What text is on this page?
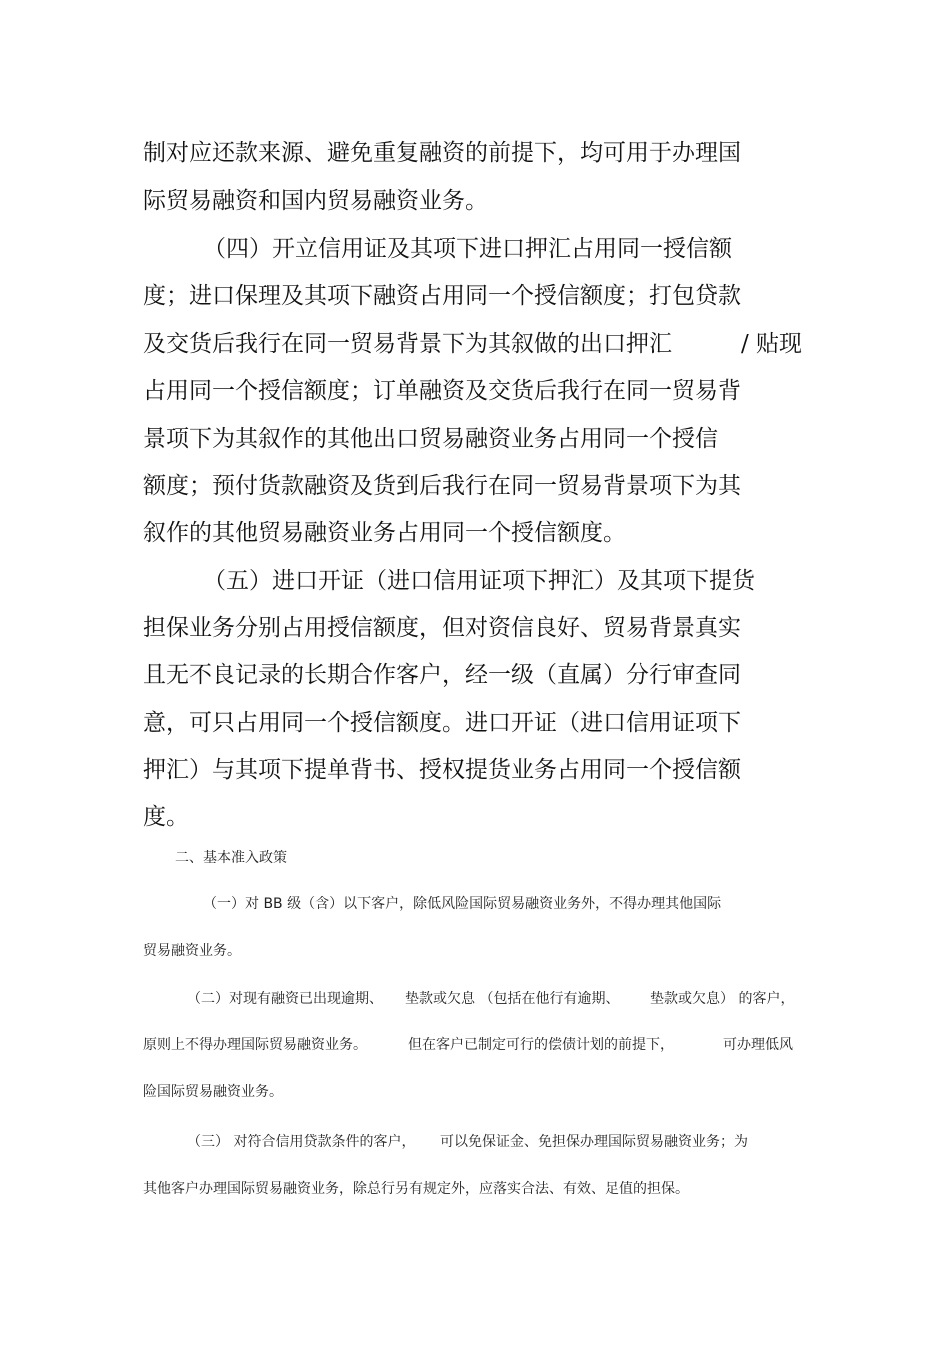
制对应还款来源、避免重复融资的前提下，均可用于办理国
际贸易融资和国内贸易融资业务。
（四）开立信用证及其项下进口押汇占用同一授信额
度；进口保理及其项下融资占用同一个授信额度；打包贷款
及交货后我行在同一贸易背景下为其叙做的出口押汇	/ 贴现
占用同一个授信额度；订单融资及交货后我行在同一贸易背
景项下为其叙作的其他出口贸易融资业务占用同一个授信
额度；预付货款融资及货到后我行在同一贸易背景项下为其
叙作的其他贸易融资业务占用同一个授信额度。
（五）进口开证（进口信用证项下押汇）及其项下提货
担保业务分别占用授信额度，但对资信良好、贸易背景真实
且无不良记录的长期合作客户，经一级（直属）分行审查同
意，可只占用同一个授信额度。进口开证（进口信用证项下
押汇）与其项下提单背书、授权提货业务占用同一个授信额
度。
二、基本准入政策
（一）对 BB 级（含）以下客户，除低风险国际贸易融资业务外，不得办理其他国际
贸易融资业务。
（二）对现有融资已出现逾期、 垫款或欠息 （包括在他行有逾期、 垫款或欠息） 的客户，
原则上不得办理国际贸易融资业务。	但在客户已制定可行的偿债计划的前提下，	可办理低风
险国际贸易融资业务。
（三） 对符合信用贷款条件的客户， 可以免保证金、免担保办理国际贸易融资业务；为
其他客户办理国际贸易融资业务，除总行另有规定外，应落实合法、有效、足值的担保。
